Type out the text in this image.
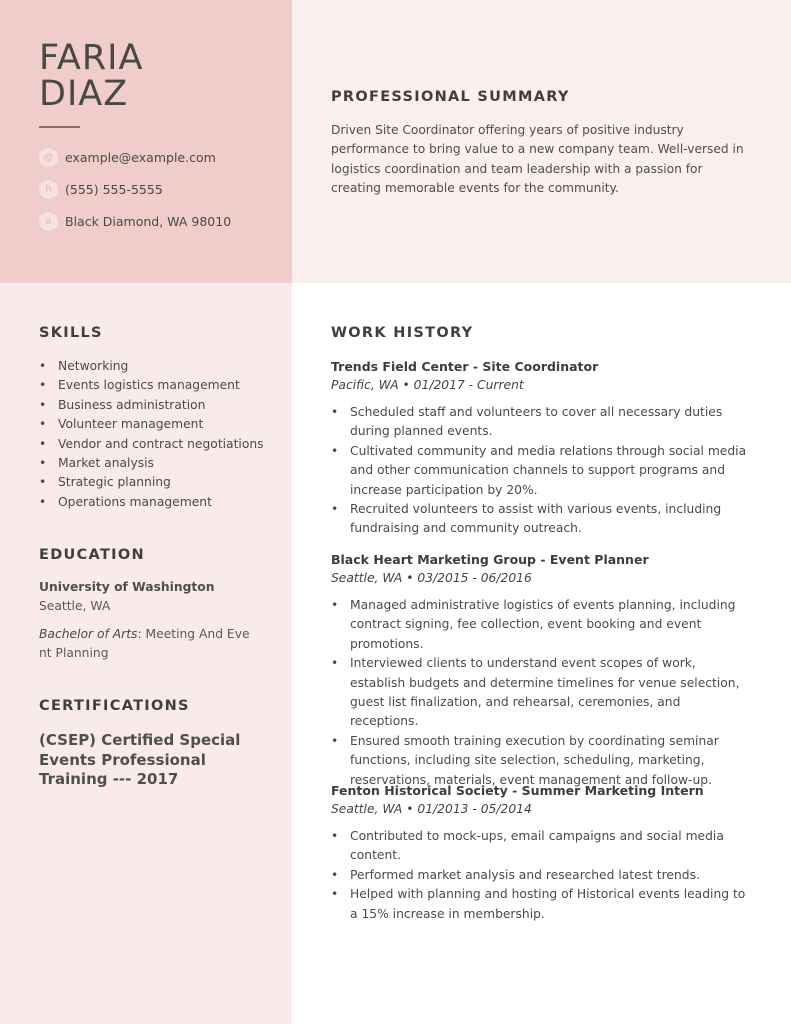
FARIA
DIAZ
@ example@example.com
h	(555) 555-5555
a	Black Diamond, WA 98010
PROFESSIONAL SUMMARY
Driven Site Coordinator offering years of positive industry performance to bring value to a new company team. Well-versed in logistics coordination and team leadership with a passion for creating memorable events for the community.
SKILLS
• Networking
• Events logistics management
• Business administration
• Volunteer management
• Vendor and contract negotiations
• Market analysis
• Strategic planning
• Operations management
EDUCATION
University of Washington
Seattle, WA
Bachelor of Arts: Meeting And Event Planning
CERTIFICATIONS
(CSEP) Certified Special Events Professional Training --- 2017
WORK HISTORY
Trends Field Center - Site Coordinator
Pacific, WA • 01/2017 - Current
• Scheduled staff and volunteers to cover all necessary duties during planned events.
• Cultivated community and media relations through social media and other communication channels to support programs and increase participation by 20%.
• Recruited volunteers to assist with various events, including fundraising and community outreach.
Black Heart Marketing Group - Event Planner
Seattle, WA • 03/2015 - 06/2016
• Managed administrative logistics of events planning, including contract signing, fee collection, event booking and event promotions.
• Interviewed clients to understand event scopes of work, establish budgets and determine timelines for venue selection, guest list finalization, and rehearsal, ceremonies, and receptions.
• Ensured smooth training execution by coordinating seminar functions, including site selection, scheduling, marketing, reservations, materials, event management and follow-up.
Fenton Historical Society - Summer Marketing Intern
Seattle, WA • 01/2013 - 05/2014
• Contributed to mock-ups, email campaigns and social media content.
• Performed market analysis and researched latest trends.
• Helped with planning and hosting of Historical events leading to a 15% increase in membership.
